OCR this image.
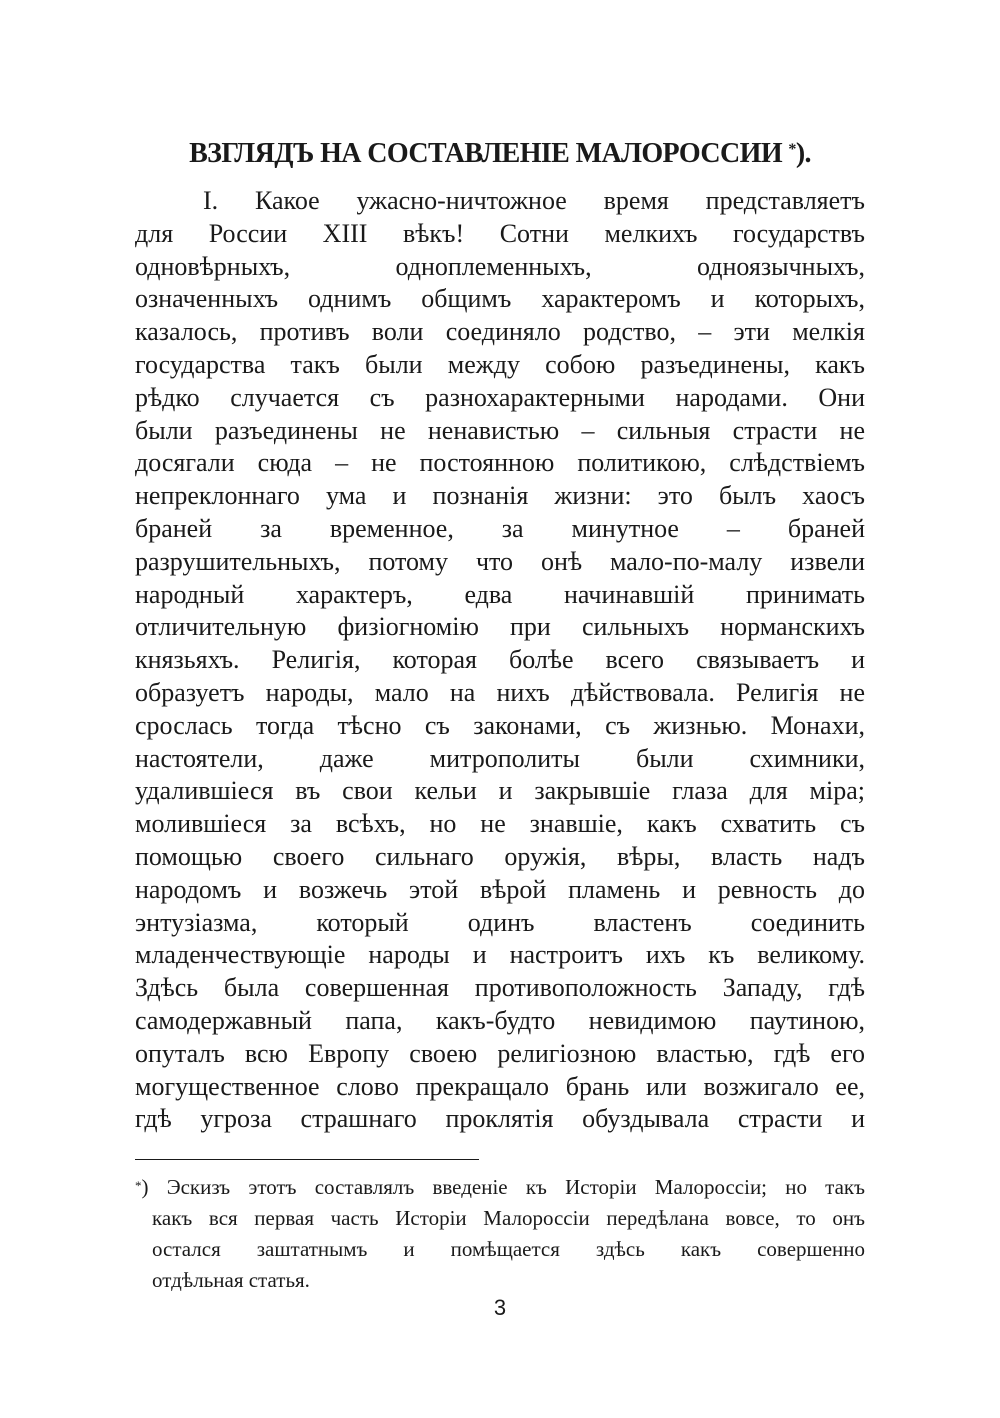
ВЗГЛЯДЪ НА СОСТАВЛЕНІЕ МАЛОРОССИИ *).
I. Какое ужасно-ничтожное время представляетъ
для России XIII вѣкъ! Сотни мелкихъ государствъ
одновѣрныхъ, одноплеменныхъ, одноязычныхъ,
означенныхъ однимъ общимъ характеромъ и которыхъ,
казалось, противъ воли соединяло родство, – эти мелкія
государства такъ были между собою разъединены, какъ
рѣдко случается съ разнохарактерными народами. Они
были разъединены не ненавистью – сильныя страсти не
досягали сюда – не постоянною политикою, слѣдствіемъ
непреклоннаго ума и познанія жизни: это былъ хаосъ
браней за временное, за минутное – браней
разрушительныхъ, потому что онѣ мало-по-малу извели
народный характеръ, едва начинавшій принимать
отличительную физіогномію при сильныхъ норманскихъ
князьяхъ. Религія, которая болѣе всего связываетъ и
образуетъ народы, мало на нихъ дѣйствовала. Религія не
срослась тогда тѣсно съ законами, съ жизнью. Монахи,
настоятели, даже митрополиты были схимники,
удалившіеся въ свои кельи и закрывшіе глаза для міра;
молившіеся за всѣхъ, но не знавшіе, какъ схватить съ
помощью своего сильнаго оружія, вѣры, власть надъ
народомъ и возжечь этой вѣрой пламень и ревность до
энтузіазма, который одинъ властенъ соединить
младенчествующіе народы и настроитъ ихъ къ великому.
Здѣсь была совершенная противоположность Западу, гдѣ
самодержавный папа, какъ-будто невидимою паутиною,
опуталъ всю Европу своею религіозною властью, гдѣ его
могущественное слово прекращало брань или возжигало ее,
гдѣ угроза страшнаго проклятія обуздывала страсти и
*) Эскизъ этотъ составлялъ введеніе къ Исторіи Малороссіи; но такъ
какъ вся первая часть Исторіи Малороссіи передѣлана вовсе, то онъ
остался заштатнымъ и помѣщается здѣсь какъ совершенно
отдѣльная статья.
3
